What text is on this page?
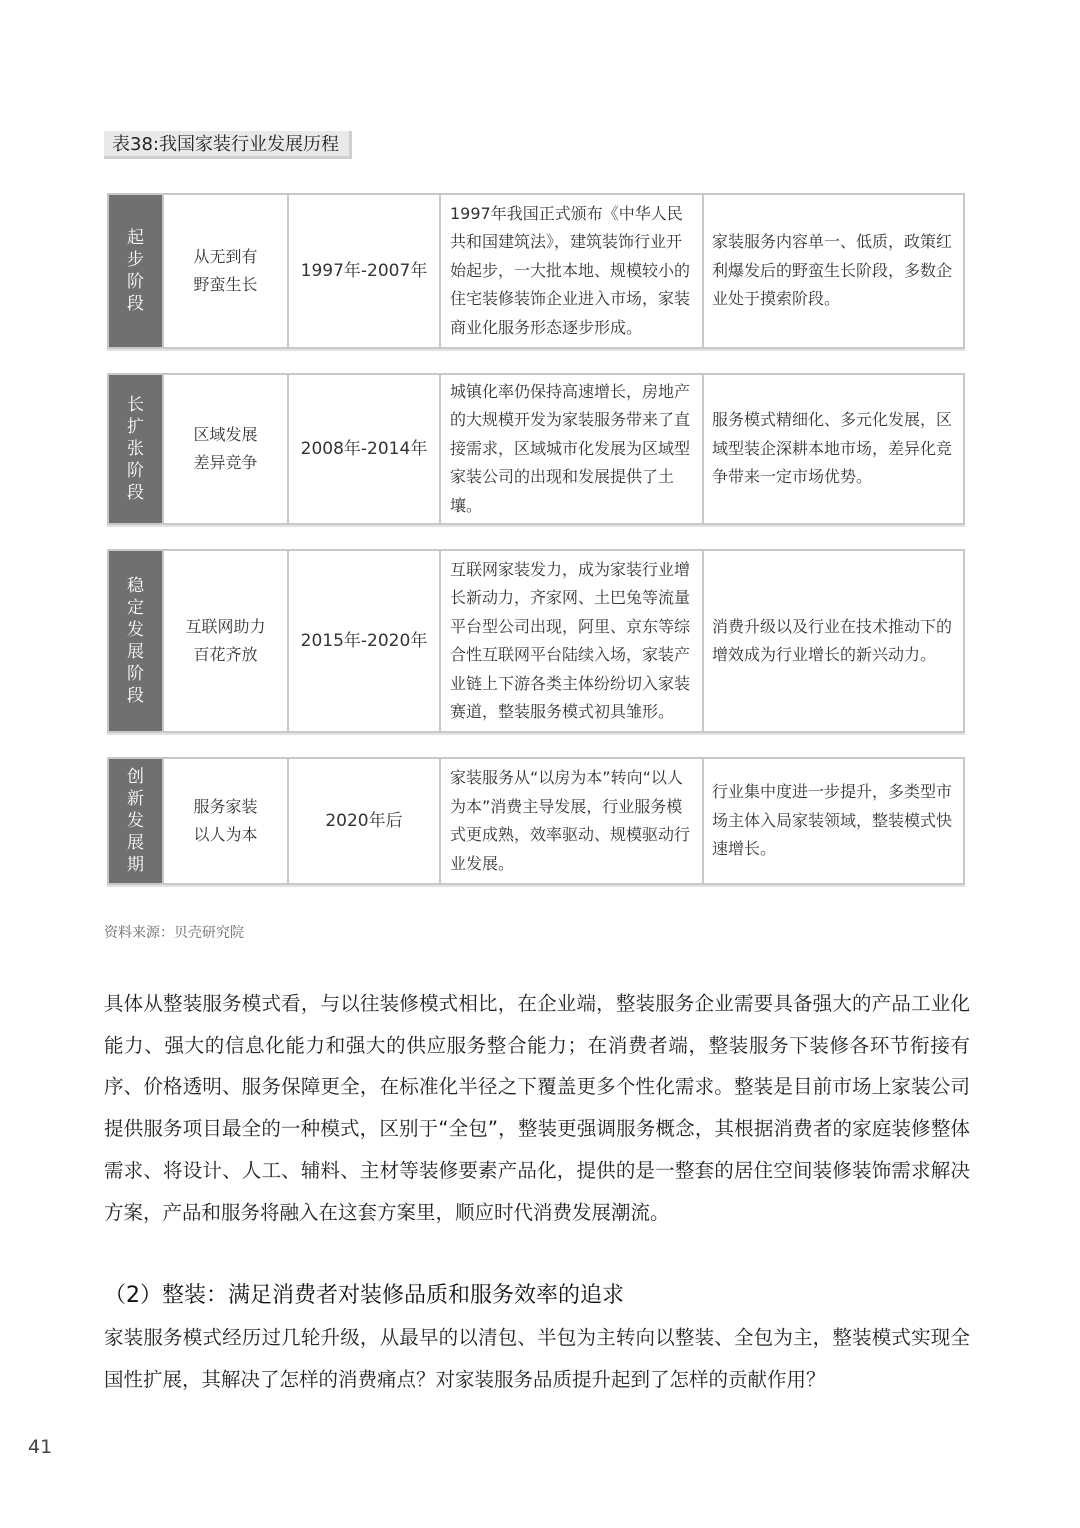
表38:我国家装行业发展历程
起步阶段
从无到有
野蛮生长
1997年-2007年
1997年我国正式颁布《中华人民共和国建筑法》，建筑装饰行业开始起步，一大批本地、规模较小的住宅装修装饰企业进入市场，家装商业化服务形态逐步形成。
家装服务内容单一、低质，政策红利爆发后的野蛮生长阶段，多数企业处于摸索阶段。
长扩张阶段
区域发展
差异竞争
2008年-2014年
城镇化率仍保持高速增长，房地产的大规模开发为家装服务带来了直接需求，区域城市化发展为区域型家装公司的出现和发展提供了土壤。
服务模式精细化、多元化发展，区域型装企深耕本地市场，差异化竞争带来一定市场优势。
稳定发展阶段
互联网助力
百花齐放
2015年-2020年
互联网家装发力，成为家装行业增长新动力，齐家网、土巴兔等流量平台型公司出现，阿里、京东等综合性互联网平台陆续入场，家装产业链上下游各类主体纷纷切入家装赛道，整装服务模式初具雏形。
消费升级以及行业在技术推动下的增效成为行业增长的新兴动力。
创新发展期
服务家装
以人为本
2020年后
家装服务从“以房为本”转向“以人为本”消费主导发展，行业服务模式更成熟，效率驱动、规模驱动行业发展。
行业集中度进一步提升，多类型市场主体入局家装领域，整装模式快速增长。
资料来源：贝壳研究院

具体从整装服务模式看，与以往装修模式相比，在企业端，整装服务企业需要具备强大的产品工业化能力、强大的信息化能力和强大的供应服务整合能力；在消费者端，整装服务下装修各环节衔接有序、价格透明、服务保障更全，在标准化半径之下覆盖更多个性化需求。整装是目前市场上家装公司提供服务项目最全的一种模式，区别于“全包”，整装更强调服务概念，其根据消费者的家庭装修整体需求、将设计、人工、辅料、主材等装修要素产品化，提供的是一整套的居住空间装修装饰需求解决方案，产品和服务将融入在这套方案里，顺应时代消费发展潮流。

（2）整装：满足消费者对装修品质和服务效率的追求

家装服务模式经历过几轮升级，从最早的以清包、半包为主转向以整装、全包为主，整装模式实现全国性扩展，其解决了怎样的消费痛点？对家装服务品质提升起到了怎样的贡献作用？

41
